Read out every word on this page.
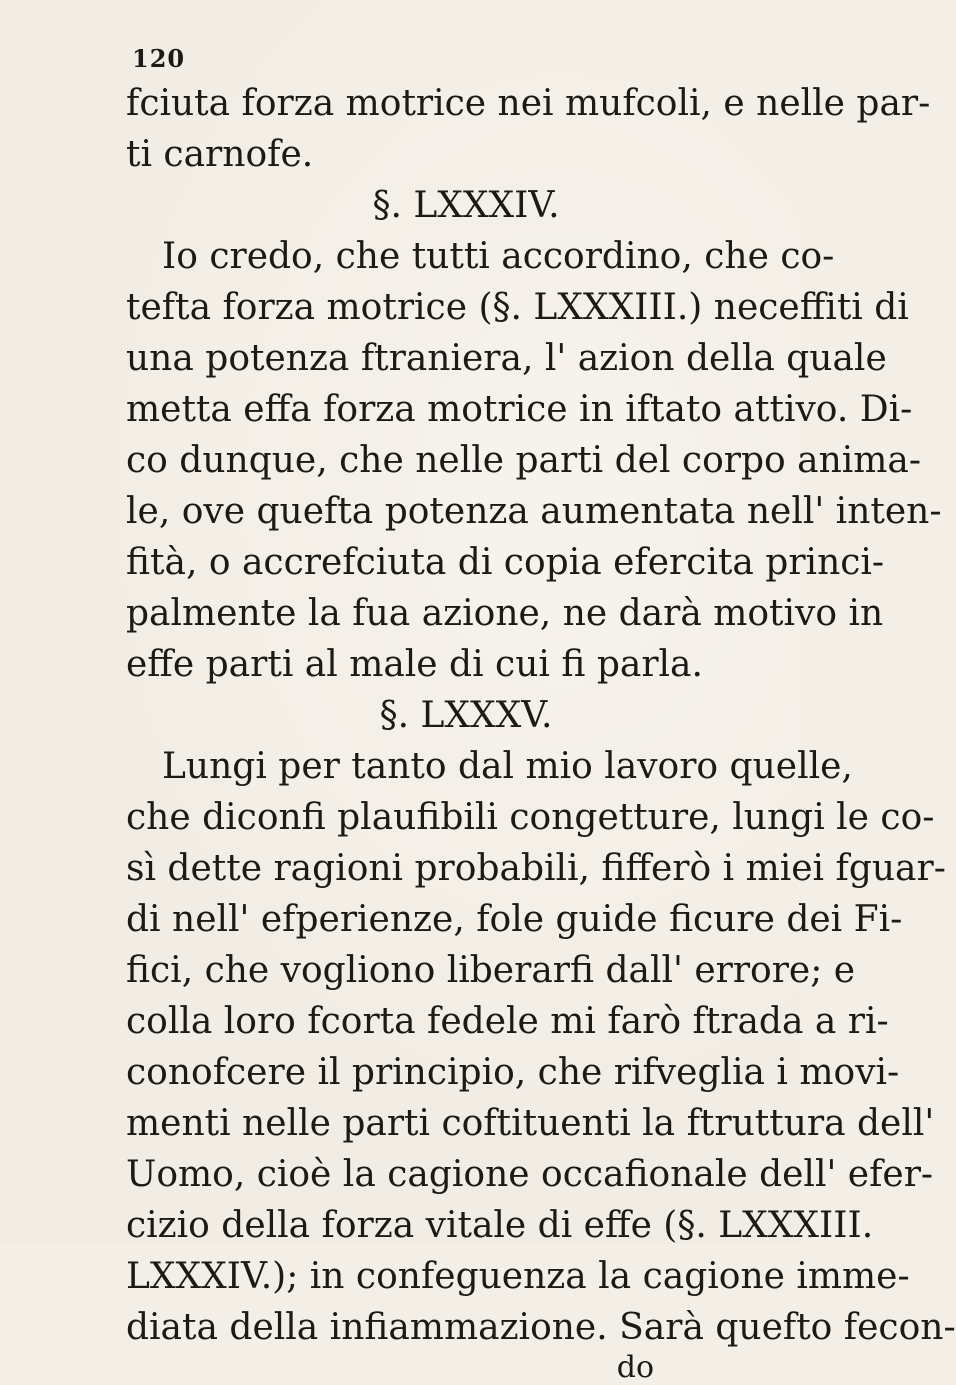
120
fciuta forza motrice nei mufcoli, e nelle par-
ti carnofe.
§. LXXXIV.
Io credo, che tutti accordino, che co-
tefta forza motrice (§. LXXXIII.) neceffiti di
una potenza ftraniera, l' azion della quale
metta effa forza motrice in iftato attivo. Di-
co dunque, che nelle parti del corpo anima-
le, ove quefta potenza aumentata nell' inten-
fità, o accrefciuta di copia efercita princi-
palmente la fua azione, ne darà motivo in
effe parti al male di cui fi parla.
§. LXXXV.
Lungi per tanto dal mio lavoro quelle,
che diconfi plaufibili congetture, lungi le co-
sì dette ragioni probabili, fifferò i miei fguar-
di nell' efperienze, fole guide ficure dei Fi-
fici, che vogliono liberarfi dall' errore; e
colla loro fcorta fedele mi farò ftrada a ri-
conofcere il principio, che rifveglia i movi-
menti nelle parti coftituenti la ftruttura dell'
Uomo, cioè la cagione occafionale dell' efer-
cizio della forza vitale di effe (§. LXXXIII.
LXXXIV.); in confeguenza la cagione imme-
diata della infiammazione. Sarà quefto fecon-
do
